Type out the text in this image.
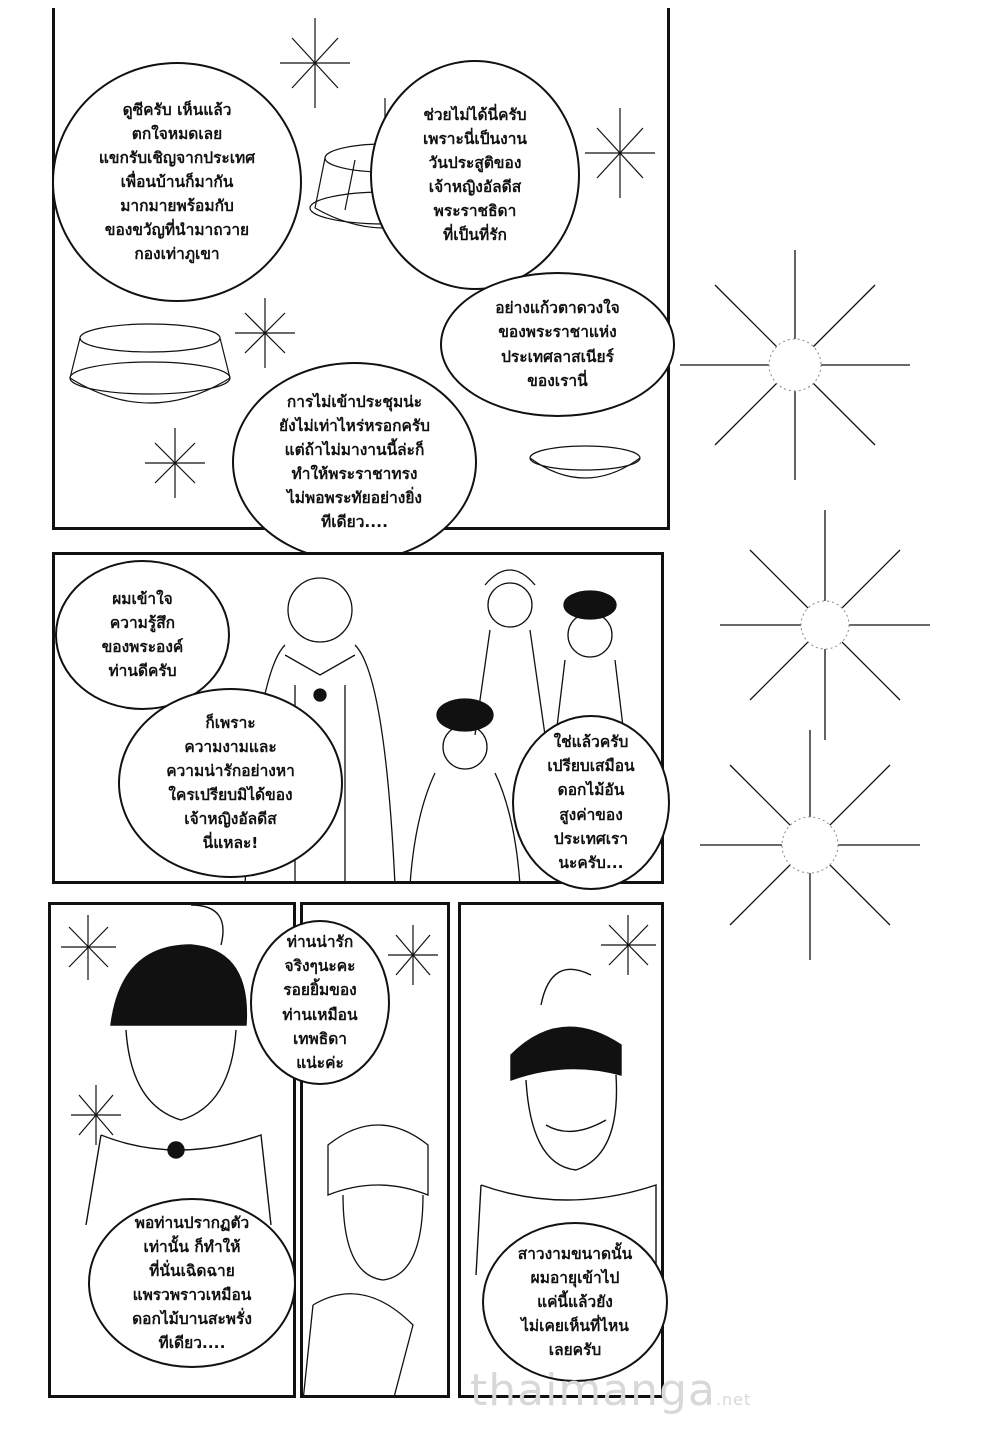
ดูซีครับ เห็นแล้ว
ตกใจหมดเลย
แขกรับเชิญจากประเทศ
เพื่อนบ้านก็มากัน
มากมายพร้อมกับ
ของขวัญที่นำมาถวาย
กองเท่าภูเขา
ช่วยไม่ได้นี่ครับ
เพราะนี่เป็นงาน
วันประสูติของ
เจ้าหญิงอัลดีส
พระราชธิดา
ที่เป็นที่รัก
อย่างแก้วตาดวงใจ
ของพระราชาแห่ง
ประเทศลาสเนียร์
ของเรานี่
การไม่เข้าประชุมน่ะ
ยังไม่เท่าไหร่หรอกครับ
แต่ถ้าไม่มางานนี้ล่ะก็
ทำให้พระราชาทรง
ไม่พอพระทัยอย่างยิ่ง
ทีเดียว....
ผมเข้าใจ
ความรู้สึก
ของพระองค์
ท่านดีครับ
ก็เพราะ
ความงามและ
ความน่ารักอย่างหา
ใครเปรียบมิได้ของ
เจ้าหญิงอัลดีส
นี่แหละ!
ใช่แล้วครับ
เปรียบเสมือน
ดอกไม้อัน
สูงค่าของ
ประเทศเรา
นะครับ...
พอท่านปรากฏตัว
เท่านั้น ก็ทำให้
ที่นั่นเฉิดฉาย
แพรวพราวเหมือน
ดอกไม้บานสะพรั่ง
ทีเดียว....
ท่านน่ารัก
จริงๆนะคะ
รอยยิ้มของ
ท่านเหมือน
เทพธิดา
แน่ะค่ะ
สาวงามขนาดนั้น
ผมอายุเข้าไป
แค่นี้แล้วยัง
ไม่เคยเห็นที่ไหน
เลยครับ
thaimanga.net
